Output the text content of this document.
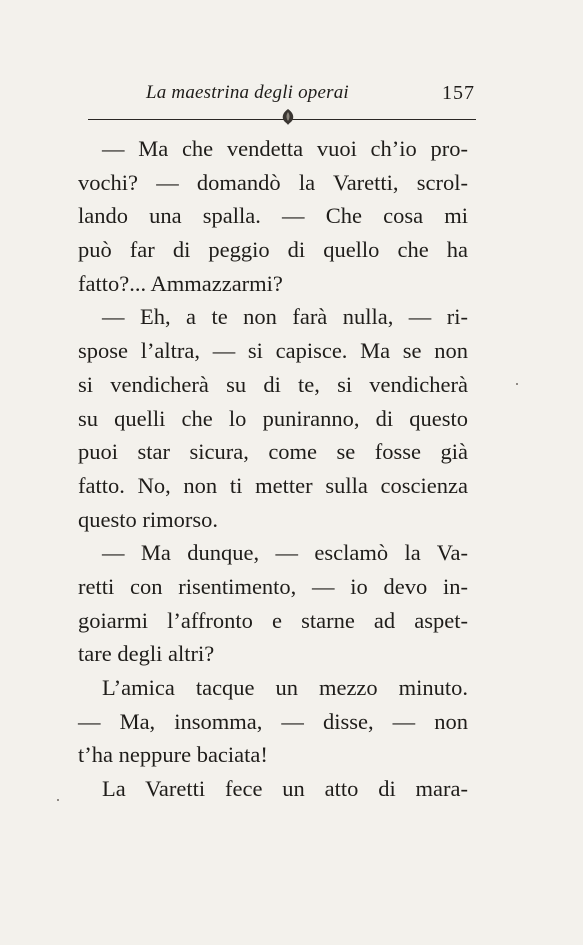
La maestrina degli operai	157
— Ma che vendetta vuoi ch’io pro-
vochi? — domandò la Varetti, scrol-
lando una spalla. — Che cosa mi
può far di peggio di quello che ha
fatto?... Ammazzarmi?
— Eh, a te non farà nulla, — ri-
spose l’altra, — si capisce. Ma se non
si vendicherà su di te, si vendicherà
su quelli che lo puniranno, di questo
puoi star sicura, come se fosse già
fatto. No, non ti metter sulla coscienza
questo rimorso.
— Ma dunque, — esclamò la Va-
retti con risentimento, — io devo in-
goiarmi l’affronto e starne ad aspet-
tare degli altri?
L’amica tacque un mezzo minuto.
— Ma, insomma, — disse, — non
t’ha neppure baciata!
La Varetti fece un atto di mara-
